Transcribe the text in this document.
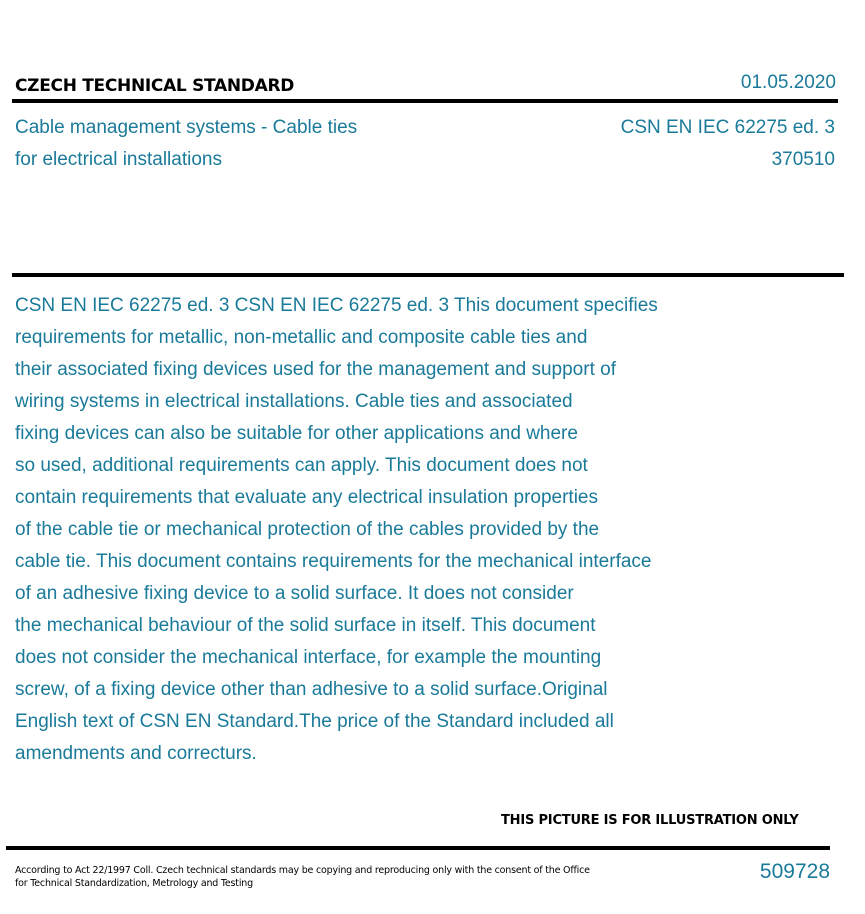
CZECH TECHNICAL STANDARD	01.05.2020
Cable management systems - Cable ties
for electrical installations
CSN EN IEC 62275 ed. 3
370510
CSN EN IEC 62275 ed. 3 CSN EN IEC 62275 ed. 3 This document specifies
requirements for metallic, non-metallic and composite cable ties and
their associated fixing devices used for the management and support of
wiring systems in electrical installations. Cable ties and associated
fixing devices can also be suitable for other applications and where
so used, additional requirements can apply. This document does not
contain requirements that evaluate any electrical insulation properties
of the cable tie or mechanical protection of the cables provided by the
cable tie. This document contains requirements for the mechanical interface
of an adhesive fixing device to a solid surface. It does not consider
the mechanical behaviour of the solid surface in itself. This document
does not consider the mechanical interface, for example the mounting
screw, of a fixing device other than adhesive to a solid surface.Original
English text of CSN EN Standard.The price of the Standard included all
amendments and correcturs.
THIS PICTURE IS FOR ILLUSTRATION ONLY
According to Act 22/1997 Coll. Czech technical standards may be copying and reproducing only with the consent of the Office
for Technical Standardization, Metrology and Testing
509728
